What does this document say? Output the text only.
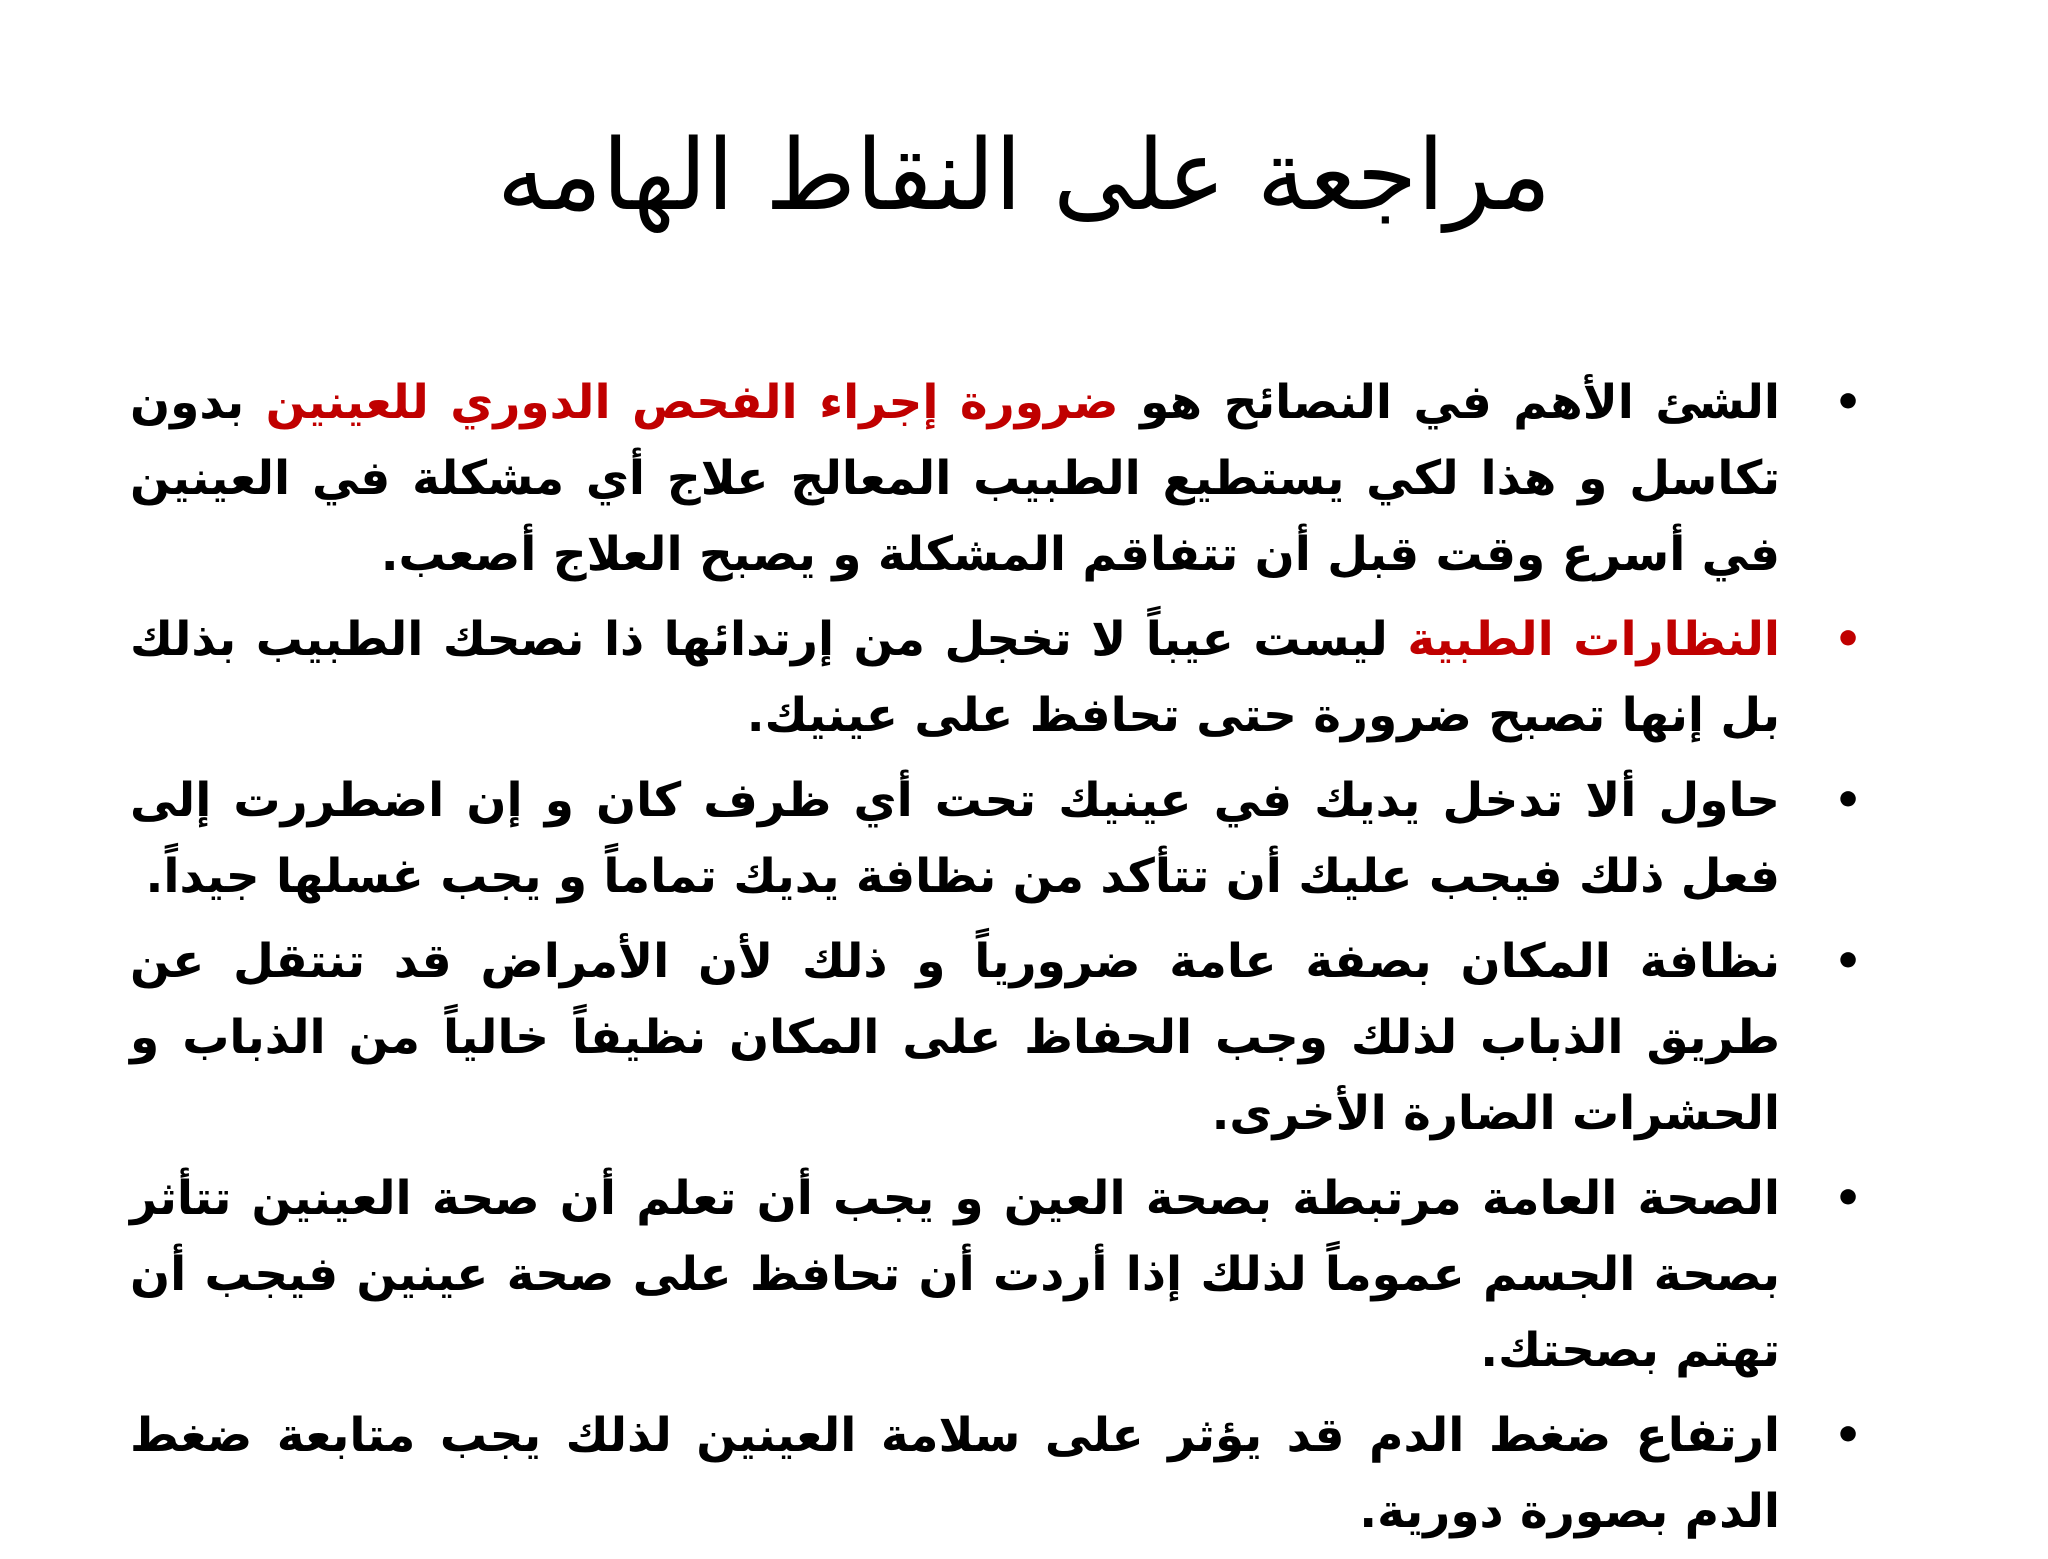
مراجعة على النقاط الهامه
•
الشئ الأهم في النصائح هو ضرورة إجراء الفحص الدوري للعينين بدون تكاسل و هذا لكي يستطيع الطبيب المعالج علاج أي مشكلة في العينين في أسرع وقت قبل أن تتفاقم المشكلة و يصبح العلاج أصعب.
•
النظارات الطبية ليست عيباً لا تخجل من إرتدائها ذا نصحك الطبيب بذلك بل إنها تصبح ضرورة حتى تحافظ على عينيك.
•
حاول ألا تدخل يديك في عينيك تحت أي ظرف كان و إن اضطررت إلى فعل ذلك فيجب عليك أن تتأكد من نظافة يديك تماماً و يجب غسلها جيداً.
•
نظافة المكان بصفة عامة ضرورياً و ذلك لأن الأمراض قد تنتقل عن طريق الذباب لذلك وجب الحفاظ على المكان نظيفاً خالياً من الذباب و الحشرات الضارة الأخرى.
•
الصحة العامة مرتبطة بصحة العين و يجب أن تعلم أن صحة العينين تتأثر بصحة الجسم عموماً لذلك إذا أردت أن تحافظ على صحة عينين فيجب أن تهتم بصحتك.
•
ارتفاع ضغط الدم قد يؤثر على سلامة العينين لذلك يجب متابعة ضغط الدم بصورة دورية.
